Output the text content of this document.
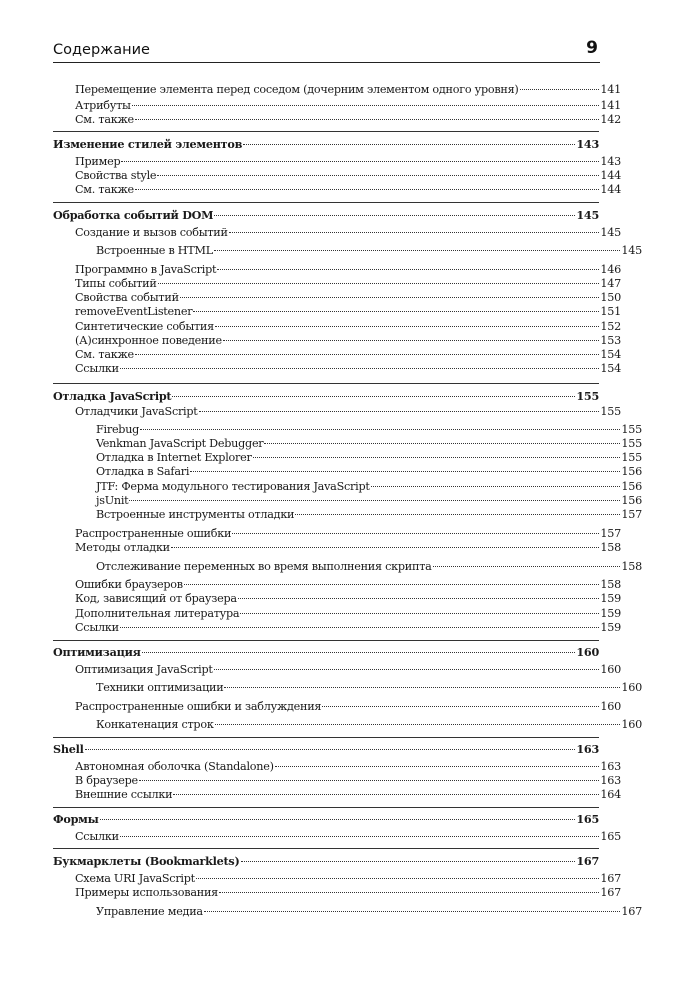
Содержание	9
Перемещение элемента перед соседом (дочерним элементом одного уровня)	141
Атрибуты	141
См. также	142
Изменение стилей элементов	143
Пример	143
Свойства style	144
См. также	144
Обработка событий DOM	145
Создание и вызов событий	145
Встроенные в HTML	145
Программно в JavaScript	146
Типы событий	147
Свойства событий	150
removeEventListener	151
Синтетические события	152
(А)синхронное поведение	153
См. также	154
Ссылки	154
Отладка JavaScript	155
Отладчики JavaScript	155
Firebug	155
Venkman JavaScript Debugger	155
Отладка в Internet Explorer	155
Отладка в Safari	156
JTF: Ферма модульного тестирования JavaScript	156
jsUnit	156
Встроенные инструменты отладки	157
Распространенные ошибки	157
Методы отладки	158
Отслеживание переменных во время выполнения скрипта	158
Ошибки браузеров	158
Код, зависящий от браузера	159
Дополнительная литература	159
Ссылки	159
Оптимизация	160
Оптимизация JavaScript	160
Техники оптимизации	160
Распространенные ошибки и заблуждения	160
Конкатенация строк	160
Shell	163
Автономная оболочка (Standalone)	163
В браузере	163
Внешние ссылки	164
Формы	165
Ссылки	165
Букмарклеты (Bookmarklets)	167
Схема URI JavaScript	167
Примеры использования	167
Управление медиа	167
